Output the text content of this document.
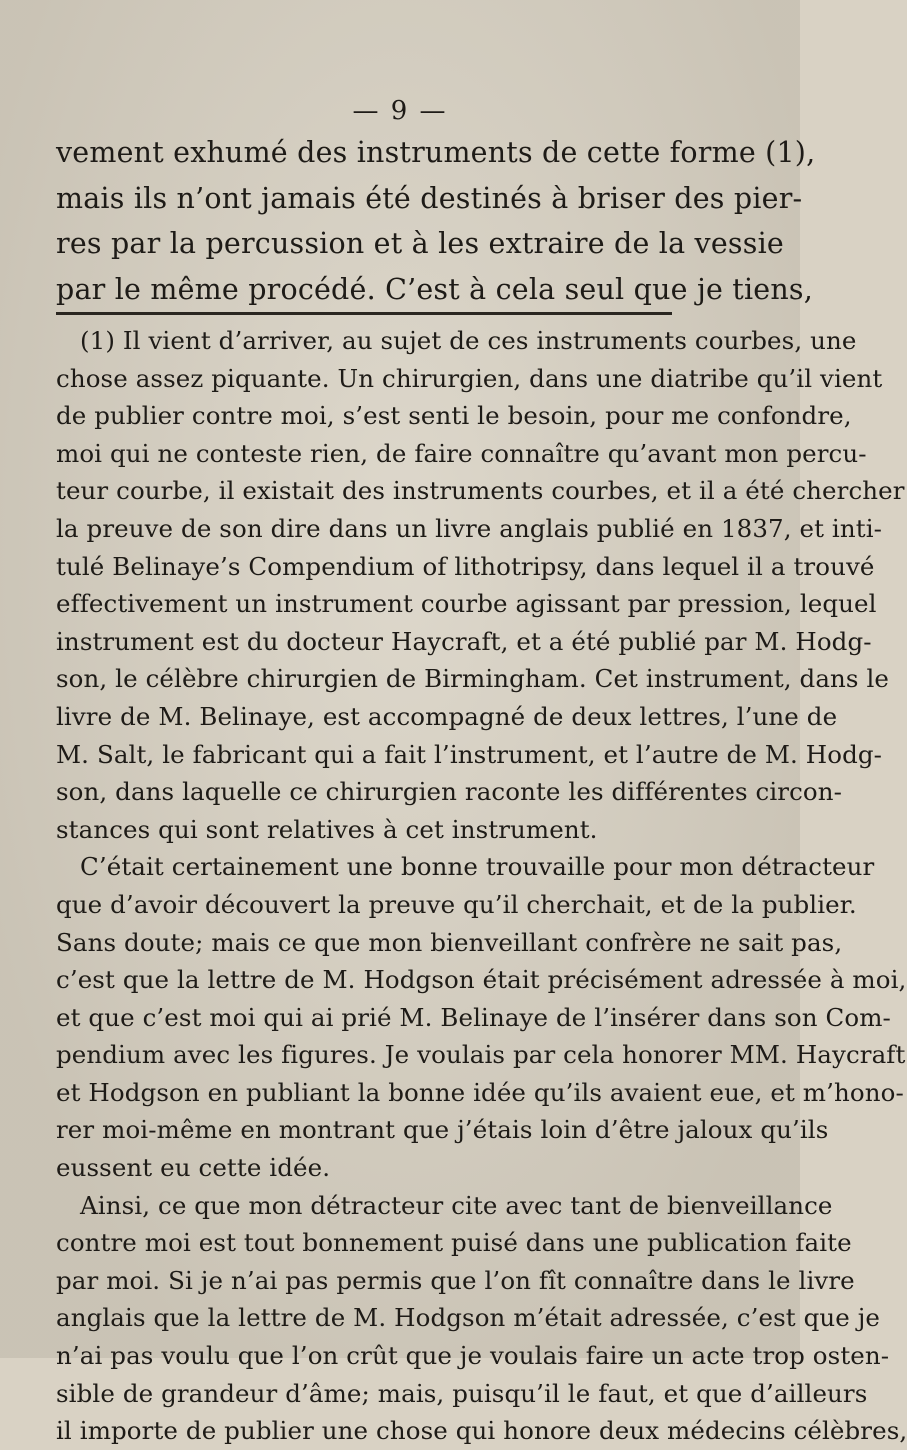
— 9 —
vement exhumé des instruments de cette forme (1),
mais ils n’ont jamais été destinés à briser des pier-
res par la percussion et à les extraire de la vessie
par le même procédé. C’est à cela seul que je tiens,
(1) Il vient d’arriver, au sujet de ces instruments courbes, une
chose assez piquante. Un chirurgien, dans une diatribe qu’il vient
de publier contre moi, s’est senti le besoin, pour me confondre,
moi qui ne conteste rien, de faire connaître qu’avant mon percu-
teur courbe, il existait des instruments courbes, et il a été chercher
la preuve de son dire dans un livre anglais publié en 1837, et inti-
tulé Belinaye’s Compendium of lithotripsy, dans lequel il a trouvé
effectivement un instrument courbe agissant par pression, lequel
instrument est du docteur Haycraft, et a été publié par M. Hodg-
son, le célèbre chirurgien de Birmingham. Cet instrument, dans le
livre de M. Belinaye, est accompagné de deux lettres, l’une de
M. Salt, le fabricant qui a fait l’instrument, et l’autre de M. Hodg-
son, dans laquelle ce chirurgien raconte les différentes circon-
stances qui sont relatives à cet instrument.
C’était certainement une bonne trouvaille pour mon détracteur
que d’avoir découvert la preuve qu’il cherchait, et de la publier.
Sans doute; mais ce que mon bienveillant confrère ne sait pas,
c’est que la lettre de M. Hodgson était précisément adressée à moi,
et que c’est moi qui ai prié M. Belinaye de l’insérer dans son Com-
pendium avec les figures. Je voulais par cela honorer MM. Haycraft
et Hodgson en publiant la bonne idée qu’ils avaient eue, et m’hono-
rer moi-même en montrant que j’étais loin d’être jaloux qu’ils
eussent eu cette idée.
Ainsi, ce que mon détracteur cite avec tant de bienveillance
contre moi est tout bonnement puisé dans une publication faite
par moi. Si je n’ai pas permis que l’on fît connaître dans le livre
anglais que la lettre de M. Hodgson m’était adressée, c’est que je
n’ai pas voulu que l’on crût que je voulais faire un acte trop osten-
sible de grandeur d’âme; mais, puisqu’il le faut, et que d’ailleurs
il importe de publier une chose qui honore deux médecins célèbres,
